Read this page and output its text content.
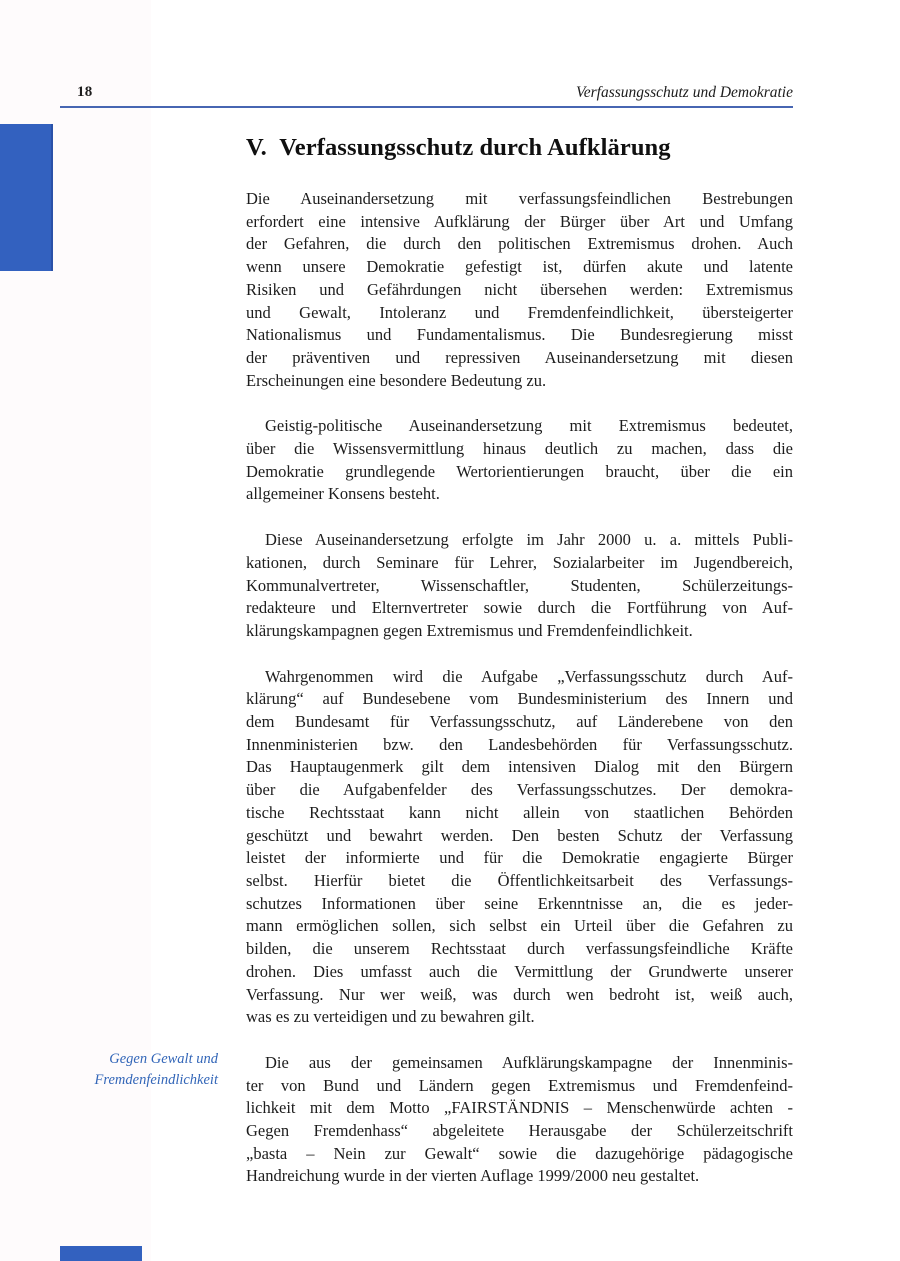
18	Verfassungsschutz und Demokratie
V. Verfassungsschutz durch Aufklärung
Die Auseinandersetzung mit verfassungsfeindlichen Bestrebungen
erfordert eine intensive Aufklärung der Bürger über Art und Umfang
der Gefahren, die durch den politischen Extremismus drohen. Auch
wenn unsere Demokratie gefestigt ist, dürfen akute und latente
Risiken und Gefährdungen nicht übersehen werden: Extremismus
und Gewalt, Intoleranz und Fremdenfeindlichkeit, übersteigerter
Nationalismus und Fundamentalismus. Die Bundesregierung misst
der präventiven und repressiven Auseinandersetzung mit diesen
Erscheinungen eine besondere Bedeutung zu.
Geistig-politische Auseinandersetzung mit Extremismus bedeutet,
über die Wissensvermittlung hinaus deutlich zu machen, dass die
Demokratie grundlegende Wertorientierungen braucht, über die ein
allgemeiner Konsens besteht.
Diese Auseinandersetzung erfolgte im Jahr 2000 u. a. mittels Publi-
kationen, durch Seminare für Lehrer, Sozialarbeiter im Jugendbereich,
Kommunalvertreter, Wissenschaftler, Studenten, Schülerzeitungs-
redakteure und Elternvertreter sowie durch die Fortführung von Auf-
klärungskampagnen gegen Extremismus und Fremdenfeindlichkeit.
Wahrgenommen wird die Aufgabe „Verfassungsschutz durch Auf-
klärung“ auf Bundesebene vom Bundesministerium des Innern und
dem Bundesamt für Verfassungsschutz, auf Länderebene von den
Innenministerien bzw. den Landesbehörden für Verfassungsschutz.
Das Hauptaugenmerk gilt dem intensiven Dialog mit den Bürgern
über die Aufgabenfelder des Verfassungsschutzes. Der demokra-
tische Rechtsstaat kann nicht allein von staatlichen Behörden
geschützt und bewahrt werden. Den besten Schutz der Verfassung
leistet der informierte und für die Demokratie engagierte Bürger
selbst. Hierfür bietet die Öffentlichkeitsarbeit des Verfassungs-
schutzes Informationen über seine Erkenntnisse an, die es jeder-
mann ermöglichen sollen, sich selbst ein Urteil über die Gefahren zu
bilden, die unserem Rechtsstaat durch verfassungsfeindliche Kräfte
drohen. Dies umfasst auch die Vermittlung der Grundwerte unserer
Verfassung. Nur wer weiß, was durch wen bedroht ist, weiß auch,
was es zu verteidigen und zu bewahren gilt.
Die aus der gemeinsamen Aufklärungskampagne der Innenminis-
ter von Bund und Ländern gegen Extremismus und Fremdenfeind-
lichkeit mit dem Motto „FAIRSTÄNDNIS – Menschenwürde achten -
Gegen Fremdenhass“ abgeleitete Herausgabe der Schülerzeitschrift
„basta – Nein zur Gewalt“ sowie die dazugehörige pädagogische
Handreichung wurde in der vierten Auflage 1999/2000 neu gestaltet.
Gegen Gewalt und
Fremdenfeindlichkeit
